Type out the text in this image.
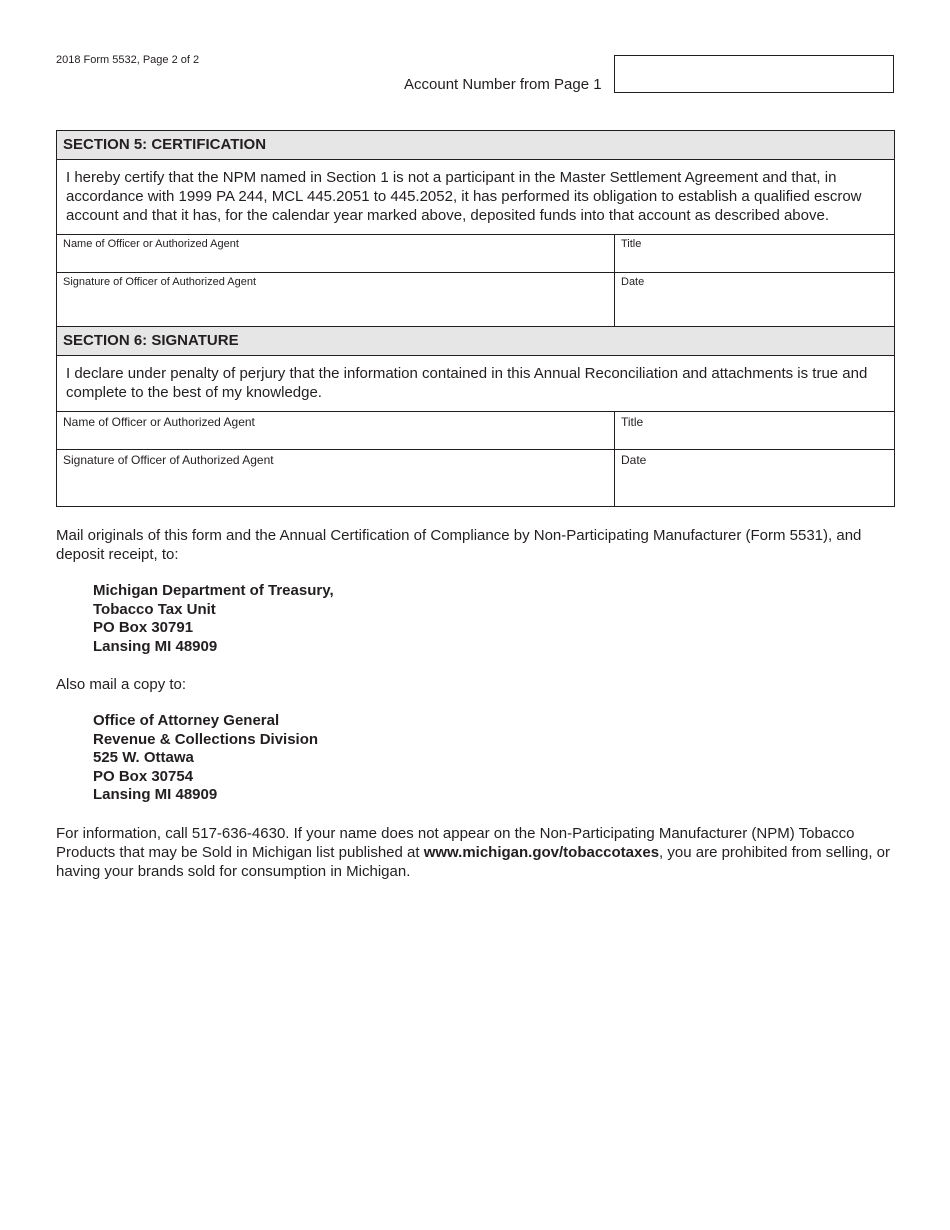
2018 Form 5532, Page 2 of 2
Account Number from Page 1
SECTION 5: CERTIFICATION
I hereby certify that the NPM named in Section 1 is not a participant in the Master Settlement Agreement and that, in accordance with 1999 PA 244, MCL 445.2051 to 445.2052, it has performed its obligation to establish a qualified escrow account and that it has, for the calendar year marked above, deposited funds into that account as described above.
Name of Officer or Authorized Agent	Title
Signature of Officer of Authorized Agent	Date
SECTION 6: SIGNATURE
I declare under penalty of perjury that the information contained in this Annual Reconciliation and attachments is true and complete to the best of my knowledge.
Name of Officer or Authorized Agent	Title
Signature of Officer of Authorized Agent	Date
Mail originals of this form and the Annual Certification of Compliance by Non-Participating Manufacturer (Form 5531), and deposit receipt, to:
Michigan Department of Treasury,
Tobacco Tax Unit
PO Box 30791
Lansing MI 48909
Also mail a copy to:
Office of Attorney General
Revenue & Collections Division
525 W. Ottawa
PO Box 30754
Lansing MI 48909
For information, call 517-636-4630. If your name does not appear on the Non-Participating Manufacturer (NPM) Tobacco Products that may be Sold in Michigan list published at www.michigan.gov/tobaccotaxes, you are prohibited from selling, or having your brands sold for consumption in Michigan.
